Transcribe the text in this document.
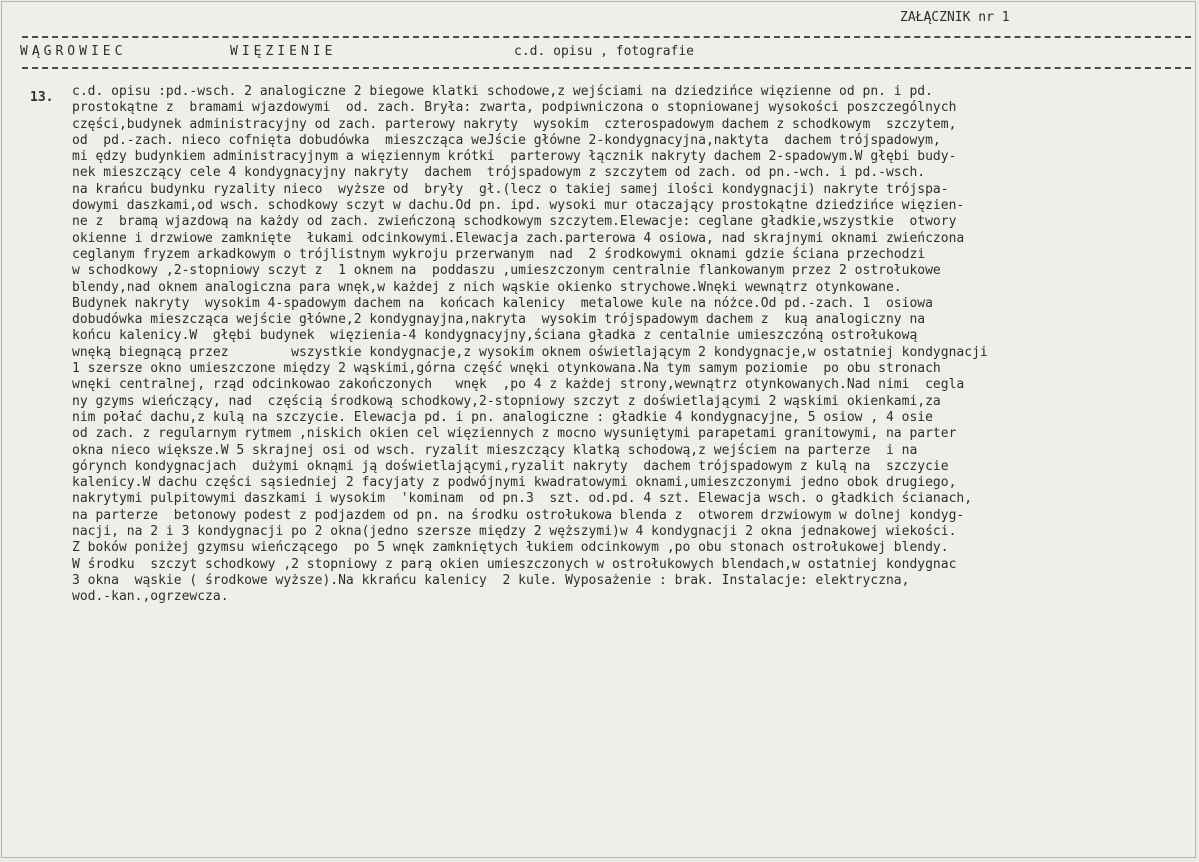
ZAŁĄCZNIK nr 1
WĄGROWIEC	WIĘZIENIE	c.d. opisu , fotografie
13. c.d. opisu :pd.-wsch. 2 analogiczne 2 biegowe klatki schodowe,z wejściami na dziedzińce więzienne od pn. i pd.
prostokątne z  bramami wjazdowymi  od. zach. Bryła: zwarta, podpiwniczona o stopniowanej wysokości poszczególnych
części,budynek administracyjny od zach. parterowy nakryty  wysokim  czterospadowym dachem z schodkowym  szczytem,
od  pd.-zach. nieco cofnięta dobudówka  mieszcząca weJście główne 2-kondygnacyjna,naktyta  dachem trójspadowym,
mi ędzy budynkiem administracyjnym a więziennym krótki  parterowy łącznik nakryty dachem 2-spadowym.W głębi budy-
nek mieszczący cele 4 kondygnacyjny nakryty  dachem  trójspadowym z szczytem od zach. od pn.-wch. i pd.-wsch.
na krańcu budynku ryzality nieco  wyższe od  bryły  gł.(lecz o takiej samej ilości kondygnacji) nakryte trójspa-
dowymi daszkami,od wsch. schodkowy sczyt w dachu.Od pn. ipd. wysoki mur otaczający prostokątne dziedzińce więzien-
ne z  bramą wjazdową na każdy od zach. zwieńczoną schodkowym szczytem.Elewacje: ceglane gładkie,wszystkie  otwory
okienne i drzwiowe zamknięte  łukami odcinkowymi.Elewacja zach.parterowa 4 osiowa, nad skrajnymi oknami zwieńczona
ceglanym fryzem arkadkowym o trójlistnym wykroju przerwanym  nad  2 środkowymi oknami gdzie ściana przechodzi
w schodkowy ,2-stopniowy sczyt z  1 oknem na  poddaszu ,umieszczonym centralnie flankowanym przez 2 ostrołukowe
blendy,nad oknem analogiczna para wnęk,w każdej z nich wąskie okienko strychowe.Wnęki wewnątrz otynkowane.
Budynek nakryty  wysokim 4-spadowym dachem na  końcach kalenicy  metalowe kule na nóżce.Od pd.-zach. 1  osiowa
dobudówka mieszcząca wejście główne,2 kondygnayjna,nakryta  wysokim trójspadowym dachem z  kuą analogiczny na
końcu kalenicy.W  głębi budynek  więzienia-4 kondygnacyjny,ściana gładka z centalnie umieszczóną ostrołukową
wnęką biegnącą przez        wszystkie kondygnacje,z wysokim oknem oświetlającym 2 kondygnacje,w ostatniej kondygnacji
1 szersze okno umieszczone między 2 wąskimi,górna część wnęki otynkowana.Na tym samym poziomie  po obu stronach
wnęki centralnej, rząd odcinkowao zakończonych   wnęk  ,po 4 z każdej strony,wewnątrz otynkowanych.Nad nimi  cegla
ny gzyms wieńczący, nad  częścią środkową schodkowy,2-stopniowy szczyt z doświetlającymi 2 wąskimi okienkami,za
nim połać dachu,z kulą na szczycie. Elewacja pd. i pn. analogiczne : gładkie 4 kondygnacyjne, 5 osiow , 4 osie
od zach. z regularnym rytmem ,niskich okien cel więziennych z mocno wysuniętymi parapetami granitowymi, na parter
okna nieco większe.W 5 skrajnej osi od wsch. ryzalit mieszczący klatką schodową,z wejściem na parterze  i na
górynch kondygnacjach  dużymi oknąmi ją doświetlającymi,ryzalit nakryty  dachem trójspadowym z kulą na  szczycie
kalenicy.W dachu części sąsiedniej 2 facyjaty z podwójnymi kwadratowymi oknami,umieszczonymi jedno obok drugiego,
nakrytymi pulpitowymi daszkami i wysokim  'kominam  od pn.3  szt. od.pd. 4 szt. Elewacja wsch. o gładkich ścianach,
na parterze  betonowy podest z podjazdem od pn. na środku ostrołukowa blenda z  otworem drzwiowym w dolnej kondyg-
nacji, na 2 i 3 kondygnacji po 2 okna(jedno szersze między 2 węższymi)w 4 kondygnacji 2 okna jednakowej wiekości.
Z boków poniżej gzymsu wieńczącego  po 5 wnęk zamkniętych łukiem odcinkowym ,po obu stonach ostrołukowej blendy.
W środku  szczyt schodkowy ,2 stopniowy z parą okien umieszczonych w ostrołukowych blendach,w ostatniej kondygnac
3 okna  wąskie ( środkowe wyższe).Na kkrańcu kalenicy  2 kule. Wyposażenie : brak. Instalacje: elektryczna,
wod.-kan.,ogrzewcza.
